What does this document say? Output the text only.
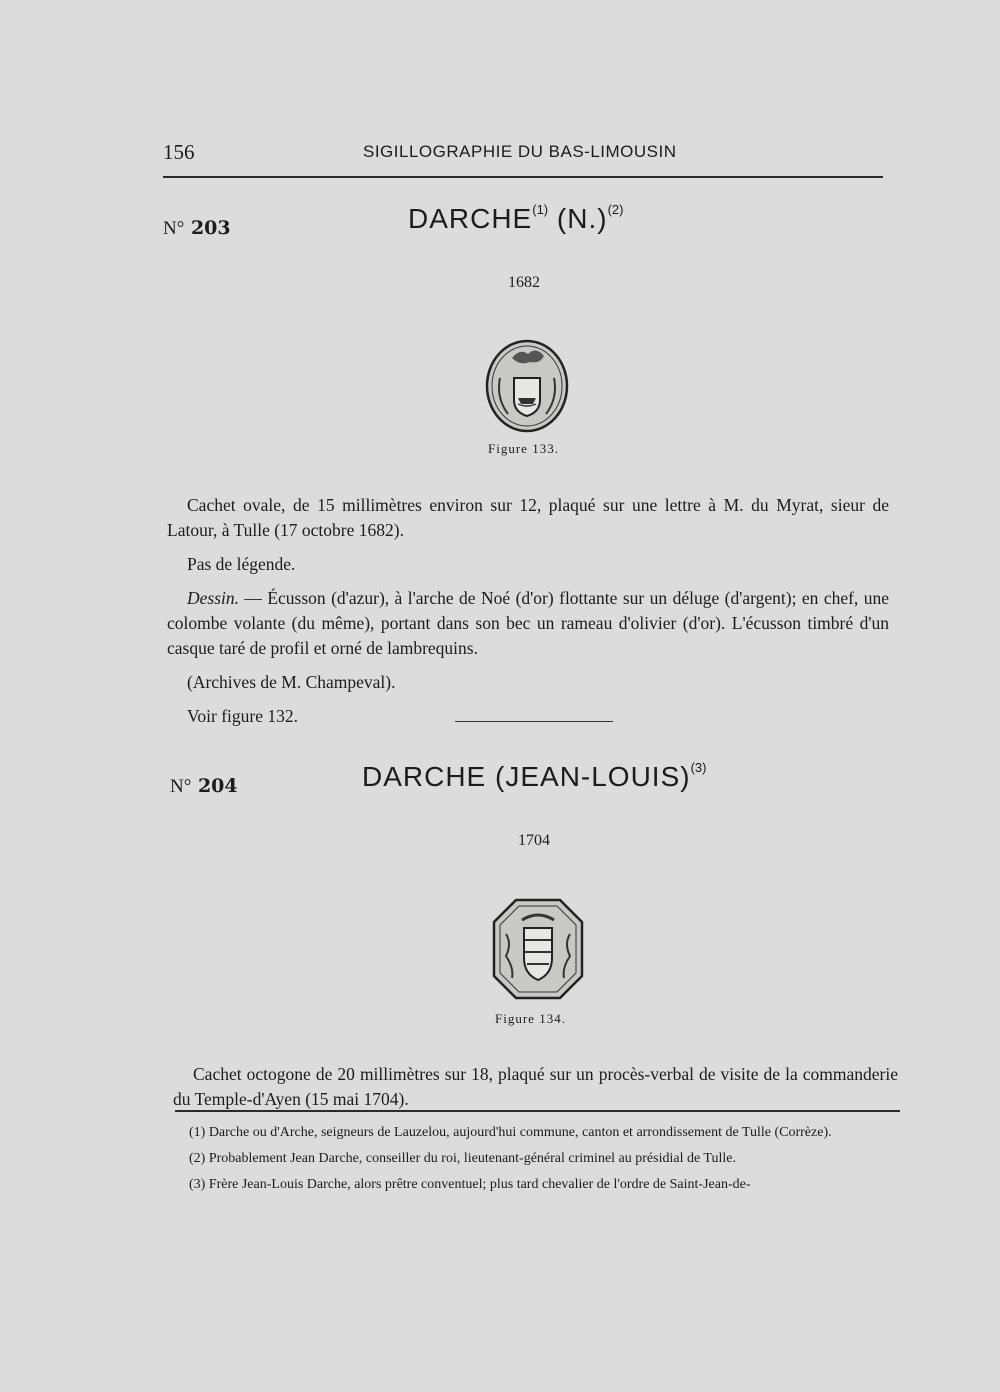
156	SIGILLOGRAPHIE DU BAS-LIMOUSIN
N° 203	DARCHE$^{(1)}$ $(N.)^{(2)}$
1682
Figure 133.

Cachet ovale, de 15 millimètres environ sur 12, plaqué sur une lettre à M. du Myrat, sieur de Latour, à Tulle (17 octobre 1682).

Pas de légende.

Dessin. — Écusson (d'azur), à l'arche de Noé (d'or) flottante sur un déluge (d'argent); en chef, une colombe volante (du même), portant dans son bec un rameau d'olivier (d'or). L'écusson timbré d'un casque taré de profil et orné de lambrequins.

(Archives de M. Champeval).

Voir figure 132.

N° 204	DARCHE (JEAN-LOUIS)$^{(3)}$
1704
Figure 134.

Cachet octogone de 20 millimètres sur 18, plaqué sur un procès-verbal de visite de la commanderie du Temple-d'Ayen (15 mai 1704).

(1) Darche ou d'Arche, seigneurs de Lauzelou, aujourd'hui commune, canton et arrondissement de Tulle (Corrèze).

(2) Probablement Jean Darche, conseiller du roi, lieutenant-général criminel au présidial de Tulle.

(3) Frère Jean-Louis Darche, alors prêtre conventuel; plus tard chevalier de l'ordre de Saint-Jean-de-
